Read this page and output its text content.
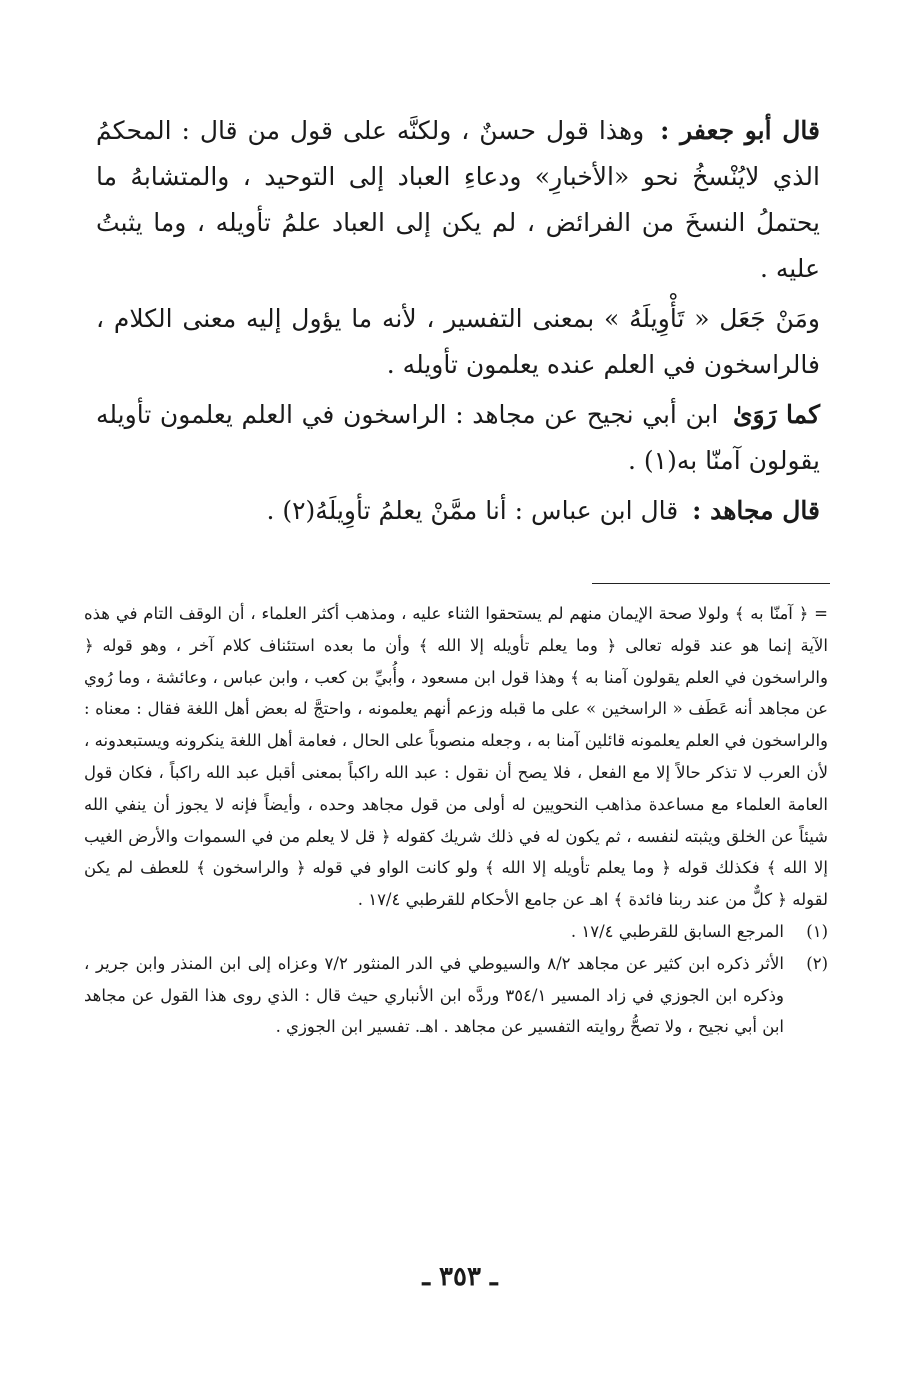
قال أبو جعفر : وهذا قول حسنٌ ، ولكنَّه على قول من قال : المحكمُ الذي لايُنْسخُ نحو «الأخبارِ» ودعاءِ العباد إلى التوحيد ، والمتشابهُ ما يحتملُ النسخَ من الفرائض ، لم يكن إلى العباد علمُ تأويله ، وما يثبتُ عليه .

ومَنْ جَعَل « تَأْوِيلَهُ » بمعنى التفسير ، لأنه ما يؤول إليه معنى الكلام ، فالراسخون في العلم عنده يعلمون تأويله .

كما رَوَىٰ ابن أبي نجيح عن مجاهد : الراسخون في العلم يعلمون تأويله يقولون آمنّا به(١) .

قال مجاهد : قال ابن عباس : أنا ممَّنْ يعلمُ تأوِيلَهُ(٢) .

= ﴿ آمنّا به ﴾ ولولا صحة الإيمان منهم لم يستحقوا الثناء عليه ، ومذهب أكثر العلماء ، أن الوقف التام في هذه الآية إنما هو عند قوله تعالى ﴿ وما يعلم تأويله إلا الله ﴾ وأن ما بعده استئناف كلام آخر ، وهو قوله ﴿ والراسخون في العلم يقولون آمنا به ﴾ وهذا قول ابن مسعود ، وأُبيِّ بن كعب ، وابن عباس ، وعائشة ، وما رُوي عن مجاهد أنه عَطَف « الراسخين » على ما قبله وزعم أنهم يعلمونه ، واحتجَّ له بعض أهل اللغة فقال : معناه : والراسخون في العلم يعلمونه قائلين آمنا به ، وجعله منصوباً على الحال ، فعامة أهل اللغة ينكرونه ويستبعدونه ، لأن العرب لا تذكر حالاً إلا مع الفعل ، فلا يصح أن نقول : عبد الله راكباً بمعنى أقبل عبد الله راكباً ، فكان قول العامة العلماء مع مساعدة مذاهب النحويين له أولى من قول مجاهد وحده ، وأيضاً فإنه لا يجوز أن ينفي الله شيئاً عن الخلق ويثبته لنفسه ، ثم يكون له في ذلك شريك كقوله ﴿ قل لا يعلم من في السموات والأرض الغيب إلا الله ﴾ فكذلك قوله ﴿ وما يعلم تأويله إلا الله ﴾ ولو كانت الواو في قوله ﴿ والراسخون ﴾ للعطف لم يكن لقوله ﴿ كلٌّ من عند ربنا فائدة ﴾ اهـ عن جامع الأحكام للقرطبي ١٧/٤ .

(١)
المرجع السابق للقرطبي ١٧/٤ .
(٢)
الأثر ذكره ابن كثير عن مجاهد ٨/٢ والسيوطي في الدر المنثور ٧/٢ وعزاه إلى ابن المنذر وابن جرير ، وذكره ابن الجوزي في زاد المسير ٣٥٤/١ وردَّه ابن الأنباري حيث قال : الذي روى هذا القول عن مجاهد ابن أبي نجيح ، ولا تصحُّ روايته التفسير عن مجاهد . اهـ. تفسير ابن الجوزي .
ـ ٣٥٣ ـ
